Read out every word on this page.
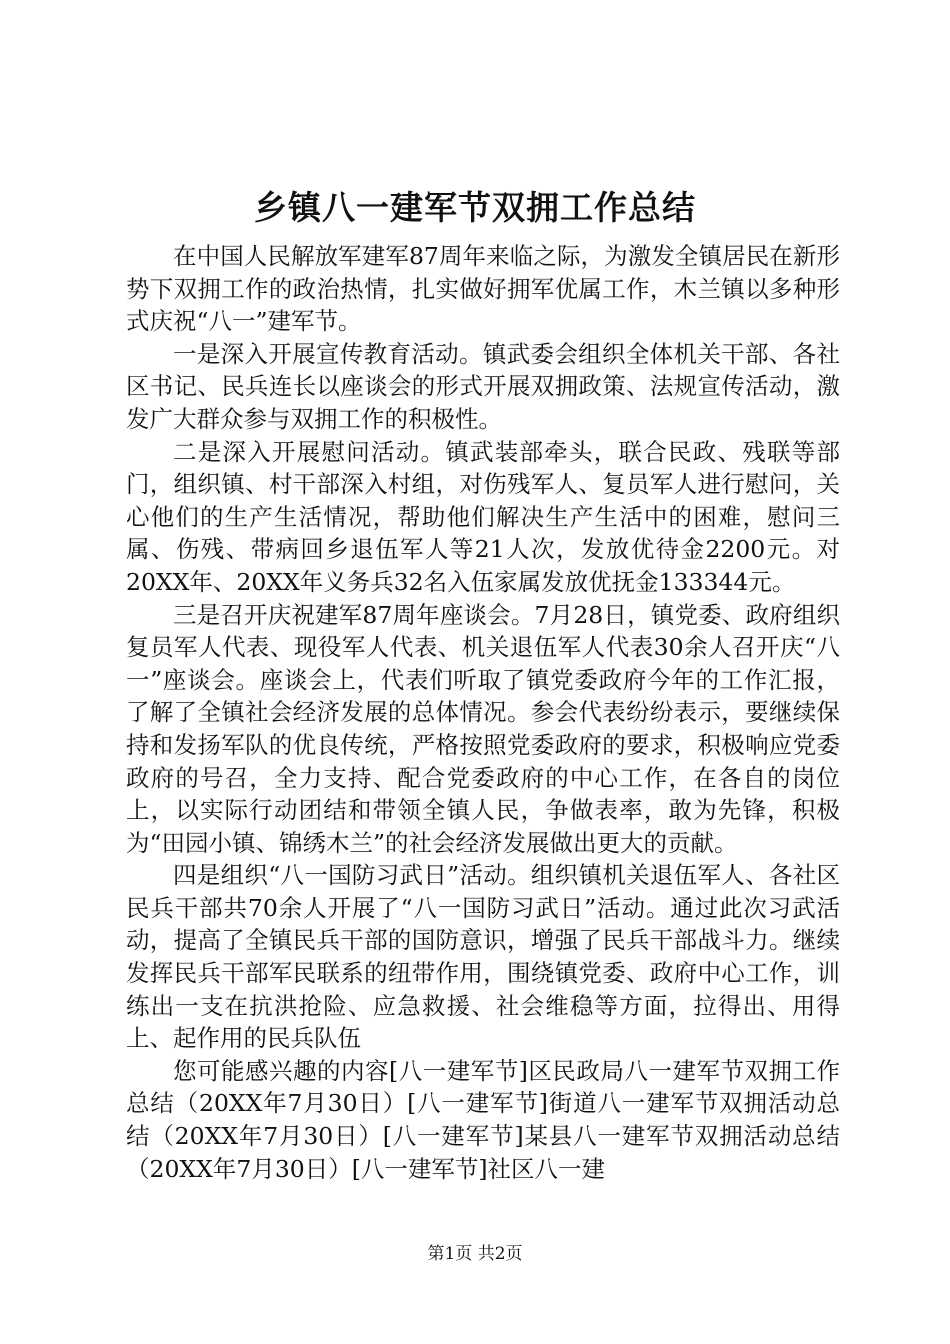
乡镇八一建军节双拥工作总结

在中国人民解放军建军87周年来临之际，为激发全镇居民在新形势下双拥工作的政治热情，扎实做好拥军优属工作，木兰镇以多种形式庆祝“八一”建军节。

一是深入开展宣传教育活动。镇武委会组织全体机关干部、各社区书记、民兵连长以座谈会的形式开展双拥政策、法规宣传活动，激发广大群众参与双拥工作的积极性。

二是深入开展慰问活动。镇武装部牵头，联合民政、残联等部门，组织镇、村干部深入村组，对伤残军人、复员军人进行慰问，关心他们的生产生活情况，帮助他们解决生产生活中的困难，慰问三属、伤残、带病回乡退伍军人等21人次，发放优待金2200元。对20XX年、20XX年义务兵32名入伍家属发放优抚金133344元。

三是召开庆祝建军87周年座谈会。7月28日，镇党委、政府组织复员军人代表、现役军人代表、机关退伍军人代表30余人召开庆“八一”座谈会。座谈会上，代表们听取了镇党委政府今年的工作汇报，了解了全镇社会经济发展的总体情况。参会代表纷纷表示，要继续保持和发扬军队的优良传统，严格按照党委政府的要求，积极响应党委政府的号召，全力支持、配合党委政府的中心工作，在各自的岗位上，以实际行动团结和带领全镇人民，争做表率，敢为先锋，积极为“田园小镇、锦绣木兰”的社会经济发展做出更大的贡献。

四是组织“八一国防习武日”活动。组织镇机关退伍军人、各社区民兵干部共70余人开展了“八一国防习武日”活动。通过此次习武活动，提高了全镇民兵干部的国防意识，增强了民兵干部战斗力。继续发挥民兵干部军民联系的纽带作用，围绕镇党委、政府中心工作，训练出一支在抗洪抢险、应急救援、社会维稳等方面，拉得出、用得上、起作用的民兵队伍

您可能感兴趣的内容[八一建军节]区民政局八一建军节双拥工作总结（20XX年7月30日）[八一建军节]街道八一建军节双拥活动总结（20XX年7月30日）[八一建军节]某县八一建军节双拥活动总结（20XX年7月30日）[八一建军节]社区八一建

第1页 共2页
